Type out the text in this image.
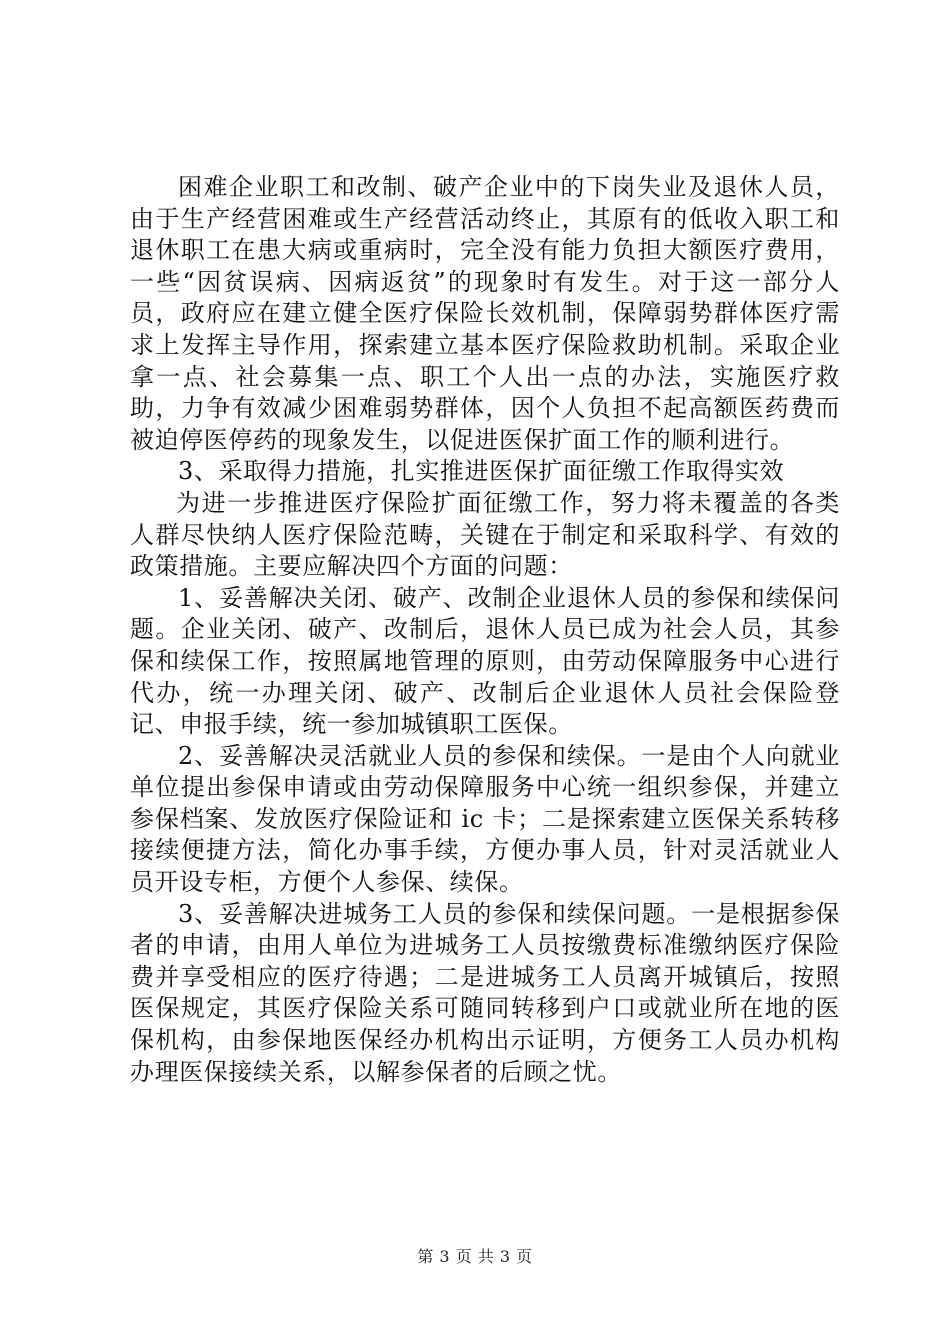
困难企业职工和改制、破产企业中的下岗失业及退休人员，由于生产经营困难或生产经营活动终止，其原有的低收入职工和退休职工在患大病或重病时，完全没有能力负担大额医疗费用，一些“因贫误病、因病返贫”的现象时有发生。对于这一部分人员，政府应在建立健全医疗保险长效机制，保障弱势群体医疗需求上发挥主导作用，探索建立基本医疗保险救助机制。采取企业拿一点、社会募集一点、职工个人出一点的办法，实施医疗救助，力争有效减少困难弱势群体，因个人负担不起高额医药费而被迫停医停药的现象发生，以促进医保扩面工作的顺利进行。

3、采取得力措施，扎实推进医保扩面征缴工作取得实效

为进一步推进医疗保险扩面征缴工作，努力将未覆盖的各类人群尽快纳人医疗保险范畴，关键在于制定和采取科学、有效的政策措施。主要应解决四个方面的问题：

1、妥善解决关闭、破产、改制企业退休人员的参保和续保问题。企业关闭、破产、改制后，退休人员已成为社会人员，其参保和续保工作，按照属地管理的原则，由劳动保障服务中心进行代办，统一办理关闭、破产、改制后企业退休人员社会保险登记、申报手续，统一参加城镇职工医保。

2、妥善解决灵活就业人员的参保和续保。一是由个人向就业单位提出参保申请或由劳动保障服务中心统一组织参保，并建立参保档案、发放医疗保险证和 ic 卡；二是探索建立医保关系转移接续便捷方法，简化办事手续，方便办事人员，针对灵活就业人员开设专柜，方便个人参保、续保。

3、妥善解决进城务工人员的参保和续保问题。一是根据参保者的申请，由用人单位为进城务工人员按缴费标准缴纳医疗保险费并享受相应的医疗待遇；二是进城务工人员离开城镇后，按照医保规定，其医疗保险关系可随同转移到户口或就业所在地的医保机构，由参保地医保经办机构出示证明，方便务工人员办机构办理医保接续关系，以解参保者的后顾之忧。

第 3 页 共 3 页
